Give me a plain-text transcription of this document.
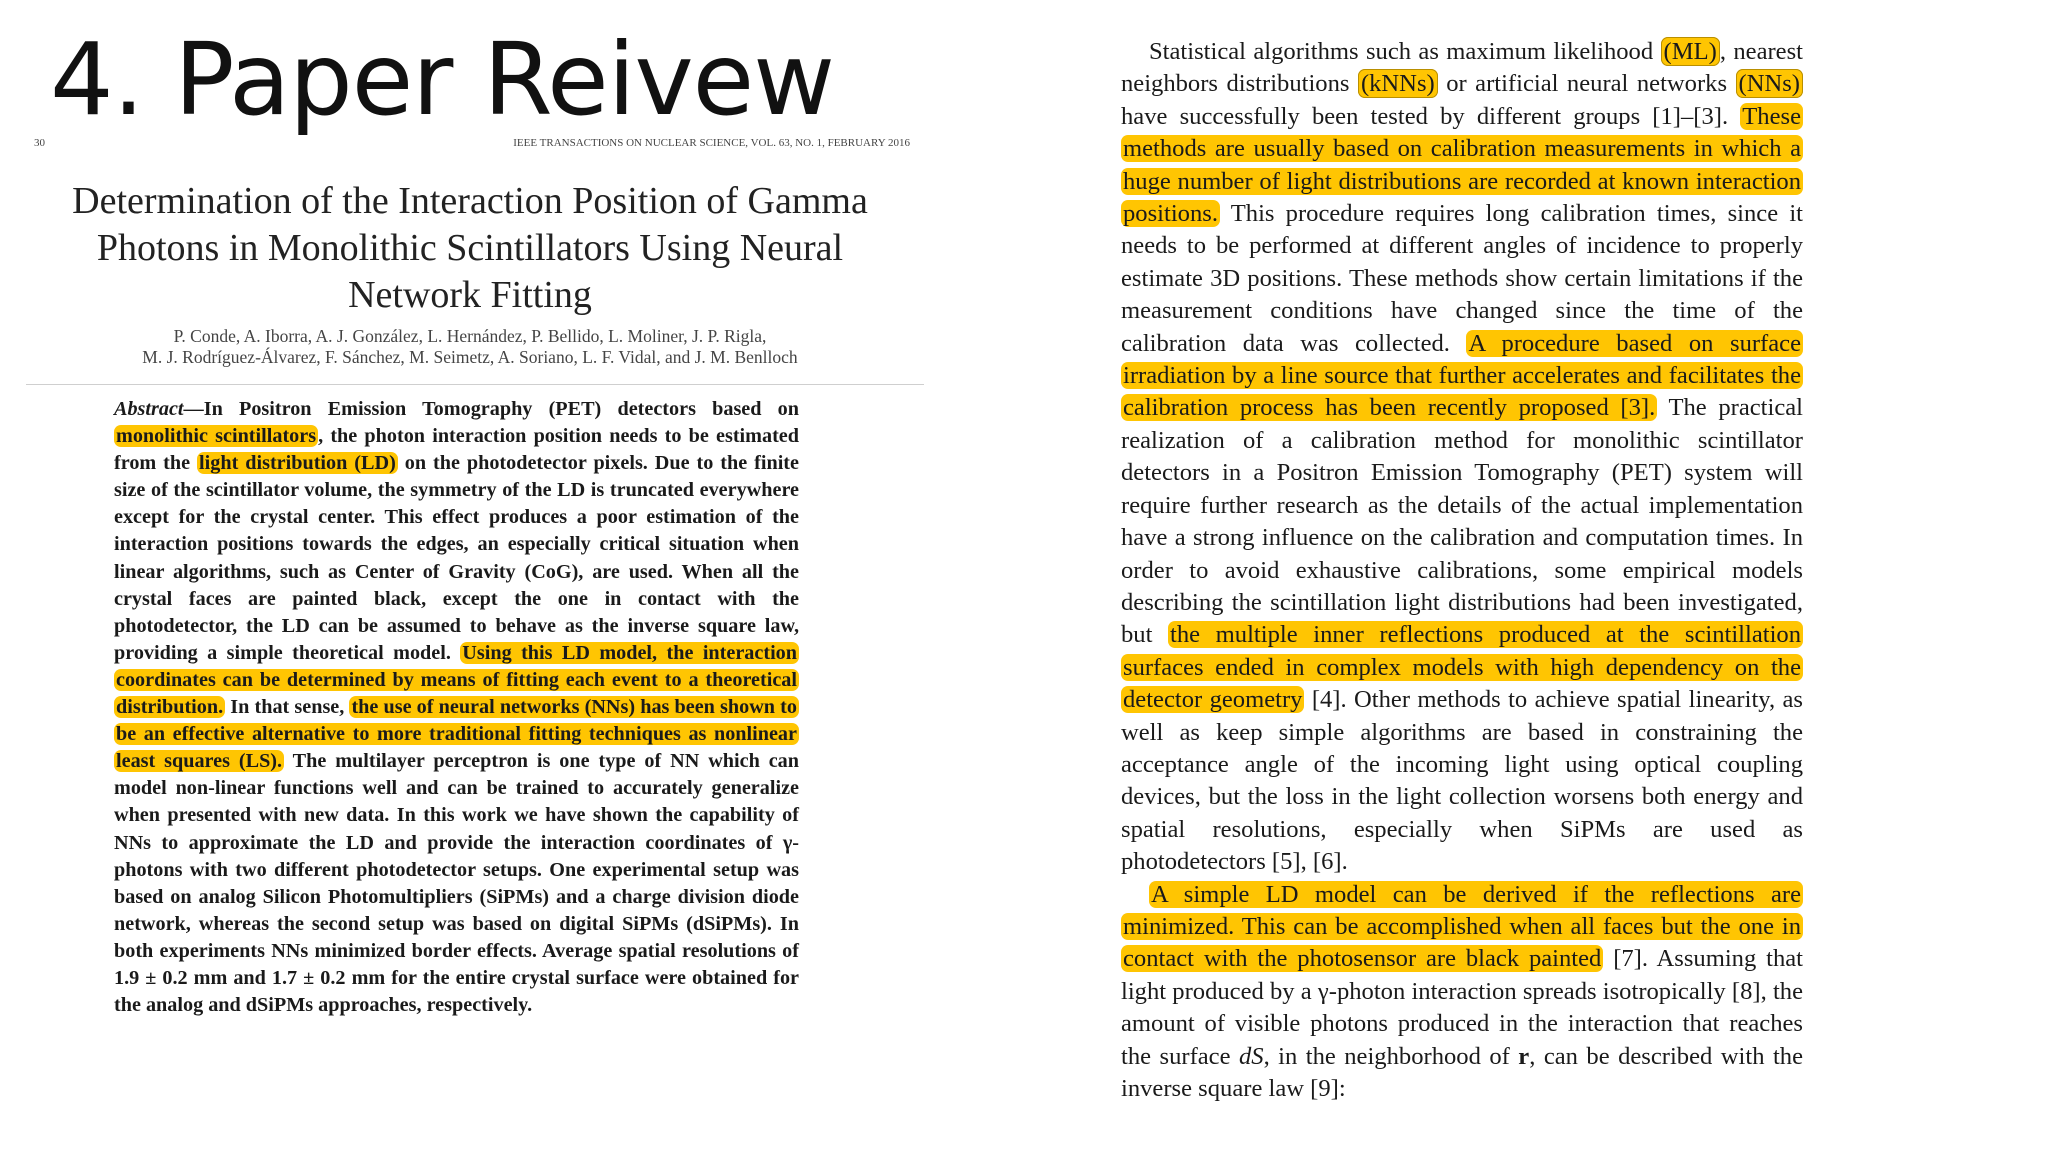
4. Paper Reivew
30	IEEE TRANSACTIONS ON NUCLEAR SCIENCE, VOL. 63, NO. 1, FEBRUARY 2016
Determination of the Interaction Position of Gamma Photons in Monolithic Scintillators Using Neural Network Fitting
P. Conde, A. Iborra, A. J. González, L. Hernández, P. Bellido, L. Moliner, J. P. Rigla,
M. J. Rodríguez-Álvarez, F. Sánchez, M. Seimetz, A. Soriano, L. F. Vidal, and J. M. Benlloch

Abstract—In Positron Emission Tomography (PET) detectors based on monolithic scintillators, the photon interaction position needs to be estimated from the light distribution (LD) on the photodetector pixels. Due to the finite size of the scintillator volume, the symmetry of the LD is truncated everywhere except for the crystal center. This effect produces a poor estimation of the interaction positions towards the edges, an especially critical situation when linear algorithms, such as Center of Gravity (CoG), are used. When all the crystal faces are painted black, except the one in contact with the photodetector, the LD can be assumed to behave as the inverse square law, providing a simple theoretical model. Using this LD model, the interaction coordinates can be determined by means of fitting each event to a theoretical distribution. In that sense, the use of neural networks (NNs) has been shown to be an effective alternative to more traditional fitting techniques as nonlinear least squares (LS). The multilayer perceptron is one type of NN which can model non-linear functions well and can be trained to accurately generalize when presented with new data. In this work we have shown the capability of NNs to approximate the LD and provide the interaction coordinates of γ-photons with two different photodetector setups. One experimental setup was based on analog Silicon Photomultipliers (SiPMs) and a charge division diode network, whereas the second setup was based on digital SiPMs (dSiPMs). In both experiments NNs minimized border effects. Average spatial resolutions of 1.9 ± 0.2 mm and 1.7 ± 0.2 mm for the entire crystal surface were obtained for the analog and dSiPMs approaches, respectively.

Statistical algorithms such as maximum likelihood (ML) , nearest neighbors distributions (kNNs) or artificial neural networks (NNs) have successfully been tested by different groups [1]–[3]. These methods are usually based on calibration measurements in which a huge number of light distributions are recorded at known interaction positions. This procedure requires long calibration times, since it needs to be performed at different angles of incidence to properly estimate 3D positions. These methods show certain limitations if the measurement conditions have changed since the time of the calibration data was collected. A procedure based on surface irradiation by a line source that further accelerates and facilitates the calibration process has been recently proposed [3]. The practical realization of a calibration method for monolithic scintillator detectors in a Positron Emission Tomography (PET) system will require further research as the details of the actual implementation have a strong influence on the calibration and computation times. In order to avoid exhaustive calibrations, some empirical models describing the scintillation light distributions had been investigated, but the multiple inner reflections produced at the scintillation surfaces ended in complex models with high dependency on the detector geometry [4]. Other methods to achieve spatial linearity, as well as keep simple algorithms are based in constraining the acceptance angle of the incoming light using optical coupling devices, but the loss in the light collection worsens both energy and spatial resolutions, especially when SiPMs are used as photodetectors [5], [6].

A simple LD model can be derived if the reflections are minimized. This can be accomplished when all faces but the one in contact with the photosensor are black painted [7]. Assuming that light produced by a γ-photon interaction spreads isotropically [8], the amount of visible photons produced in the interaction that reaches the surface dS, in the neighborhood of r, can be described with the inverse square law [9]:
